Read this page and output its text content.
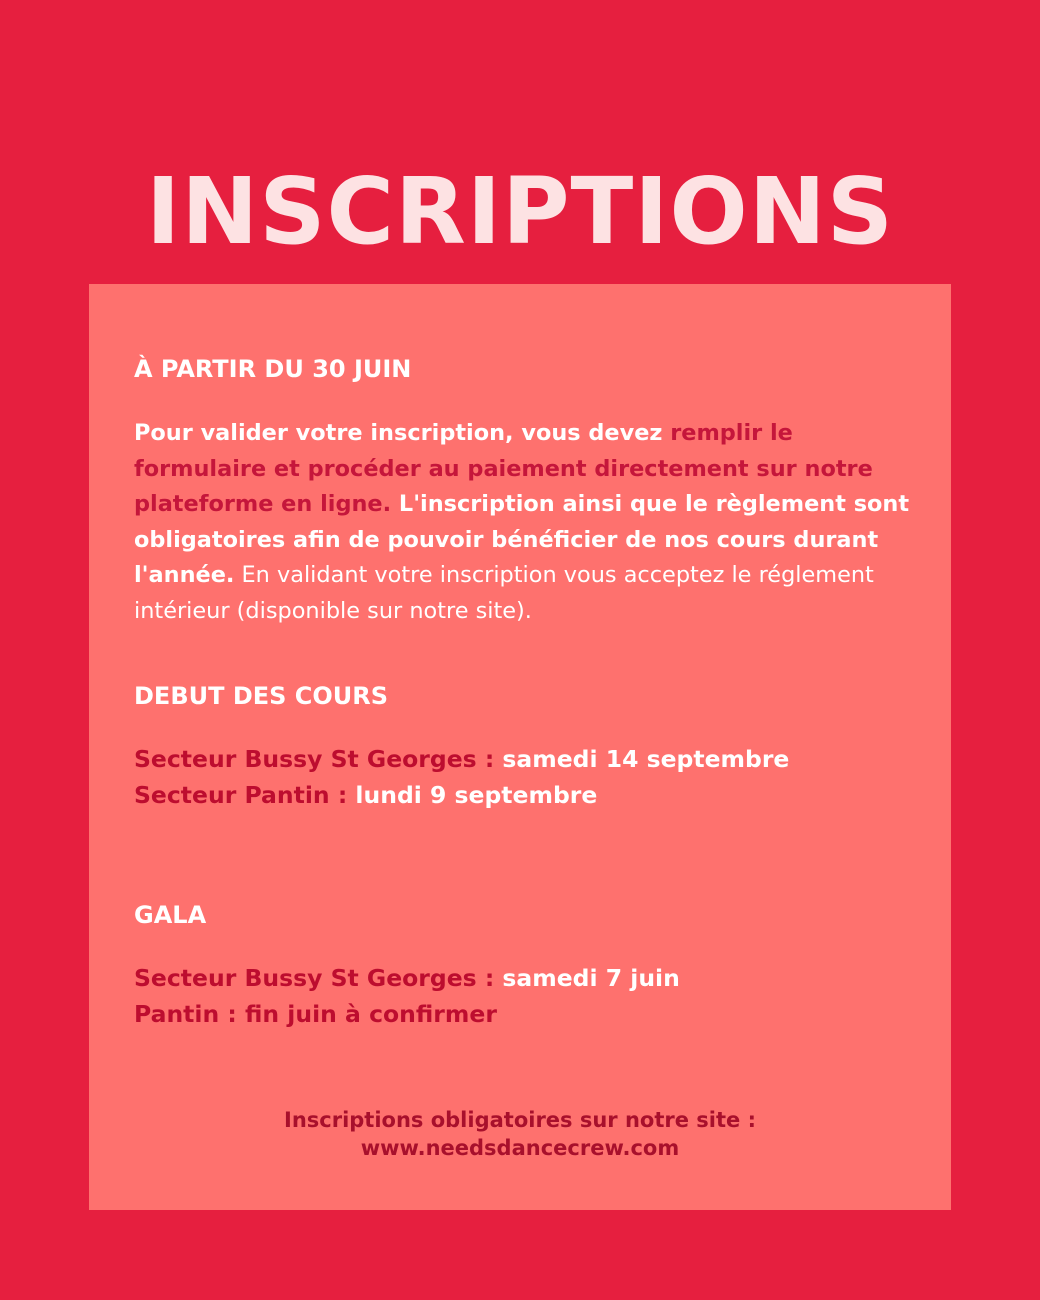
INSCRIPTIONS
À PARTIR DU 30 JUIN

Pour valider votre inscription, vous devez remplir le formulaire et procéder au paiement directement sur notre plateforme en ligne. L'inscription ainsi que le règlement sont obligatoires afin de pouvoir bénéficier de nos cours durant l'année. En validant votre inscription vous acceptez le réglement intérieur (disponible sur notre site).

DEBUT DES COURS
Secteur Bussy St Georges : samedi 14 septembre
Secteur Pantin : lundi 9 septembre
GALA
Secteur Bussy St Georges : samedi 7 juin
Pantin : fin juin à confirmer
Inscriptions obligatoires sur notre site :
www.needsdancecrew.com
